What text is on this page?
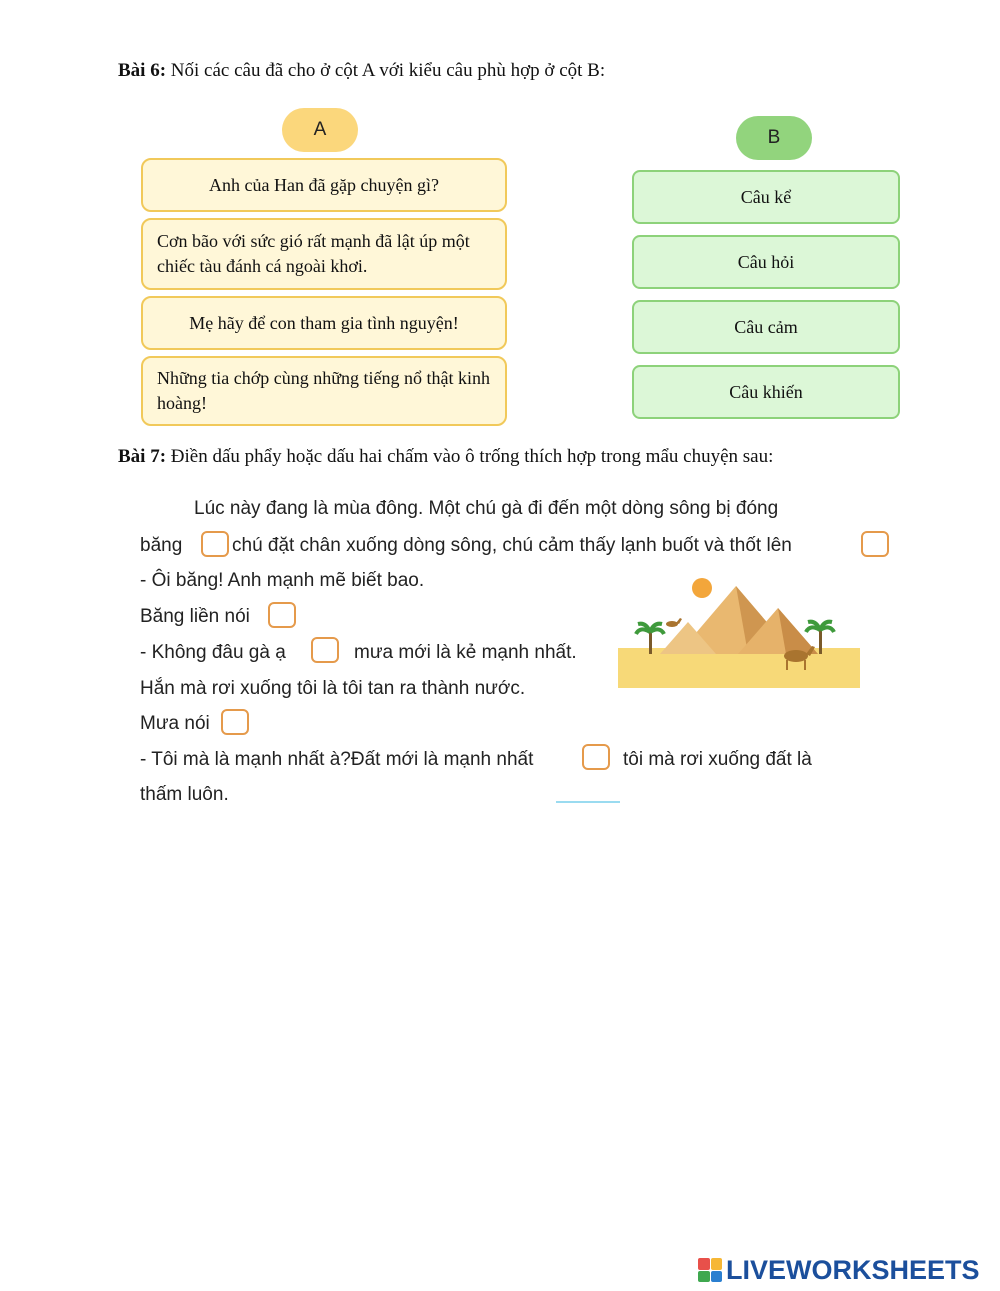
Bài 6: Nối các câu đã cho ở cột A với kiểu câu phù hợp ở cột B:
A	B
Anh của Han đã gặp chuyện gì?
Cơn bão với sức gió rất mạnh đã lật úp một chiếc tàu đánh cá ngoài khơi.
Mẹ hãy để con tham gia tình nguyện!
Những tia chớp cùng những tiếng nổ thật kinh hoàng!
Câu kể
Câu hỏi
Câu cảm
Câu khiến
Bài 7: Điền dấu phẩy hoặc dấu hai chấm vào ô trống thích hợp trong mẩu chuyện sau:
Lúc này đang là mùa đông. Một chú gà đi đến một dòng sông bị đóng
băng	chú đặt chân xuống dòng sông, chú cảm thấy lạnh buốt và thốt lên
- Ôi băng! Anh mạnh mẽ biết bao.
Băng liền nói
- Không đâu gà ạ	mưa mới là kẻ mạnh nhất.
Hắn mà rơi xuống tôi là tôi tan ra thành nước.
Mưa nói
- Tôi mà là mạnh nhất à?Đất mới là mạnh nhất	tôi mà rơi xuống đất là
thấm luôn.
LIVEWORKSHEETS
